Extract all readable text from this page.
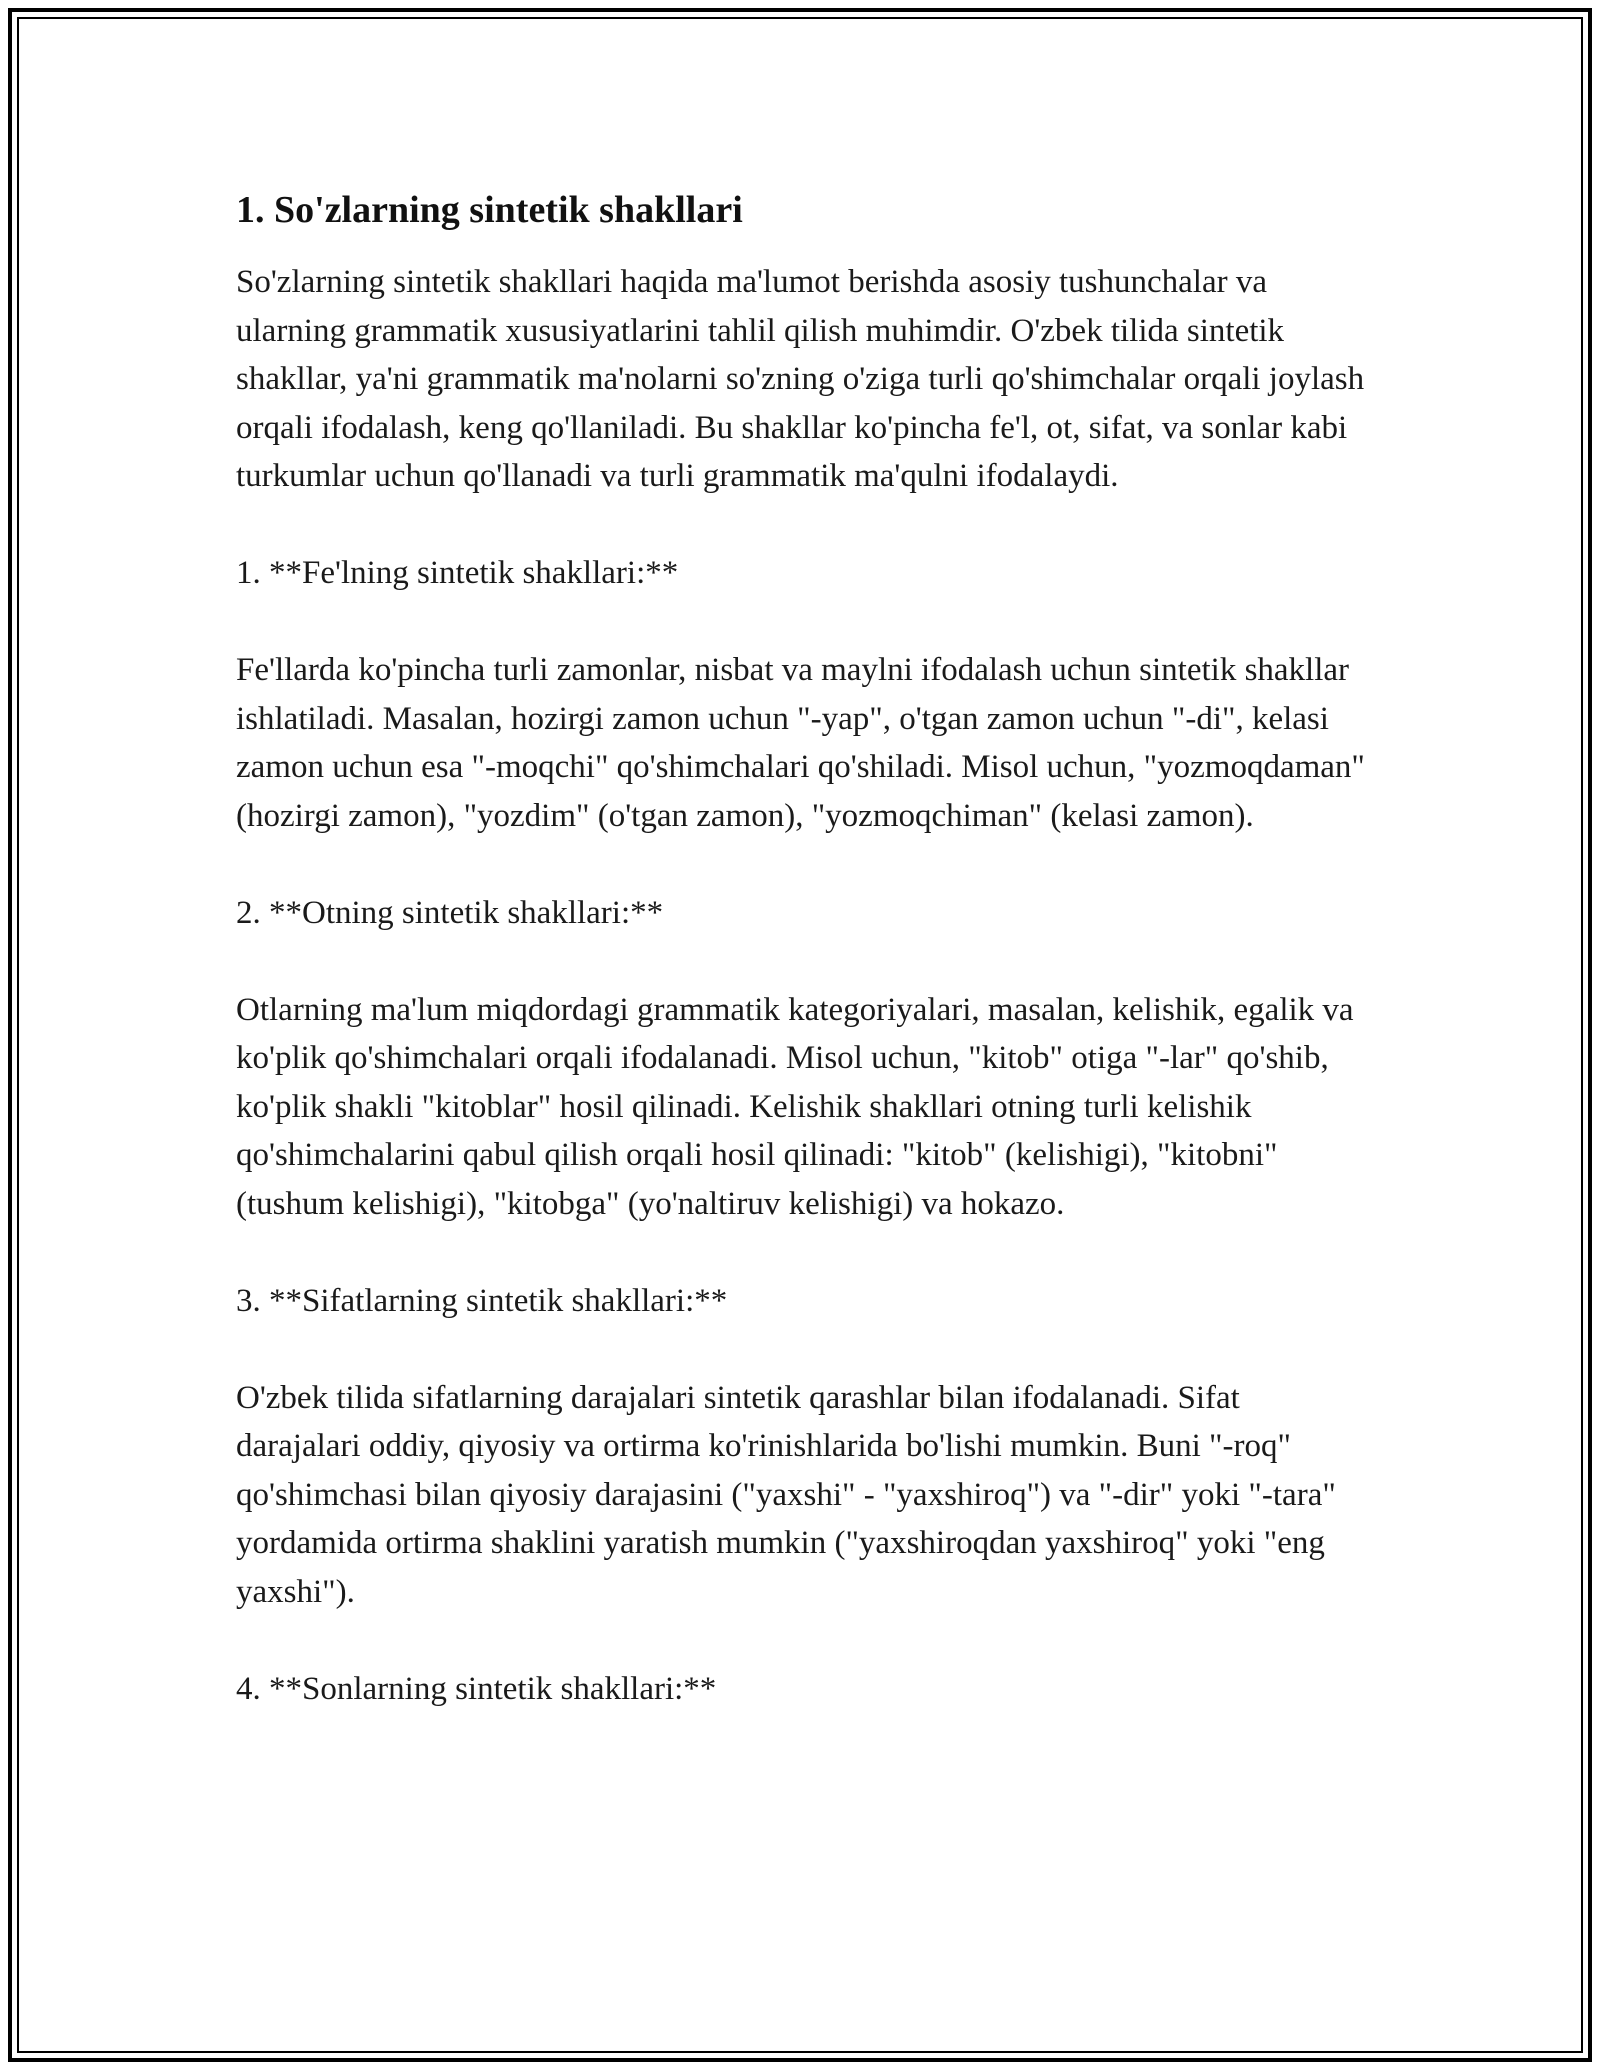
1. So'zlarning sintetik shakllari

So'zlarning sintetik shakllari haqida ma'lumot berishda asosiy tushunchalar va ularning grammatik xususiyatlarini tahlil qilish muhimdir. O'zbek tilida sintetik shakllar, ya'ni grammatik ma'nolarni so'zning o'ziga turli qo'shimchalar orqali joylash orqali ifodalash, keng qo'llaniladi. Bu shakllar ko'pincha fe'l, ot, sifat, va sonlar kabi turkumlar uchun qo'llanadi va turli grammatik ma'qulni ifodalaydi.

1. **Fe'lning sintetik shakllari:**

Fe'llarda ko'pincha turli zamonlar, nisbat va maylni ifodalash uchun sintetik shakllar ishlatiladi. Masalan, hozirgi zamon uchun "-yap", o'tgan zamon uchun "-di", kelasi zamon uchun esa "-moqchi" qo'shimchalari qo'shiladi. Misol uchun, "yozmoqdaman" (hozirgi zamon), "yozdim" (o'tgan zamon), "yozmoqchiman" (kelasi zamon).

2. **Otning sintetik shakllari:**

Otlarning ma'lum miqdordagi grammatik kategoriyalari, masalan, kelishik, egalik va ko'plik qo'shimchalari orqali ifodalanadi. Misol uchun, "kitob" otiga "-lar" qo'shib, ko'plik shakli "kitoblar" hosil qilinadi. Kelishik shakllari otning turli kelishik qo'shimchalarini qabul qilish orqali hosil qilinadi: "kitob" (kelishigi), "kitobni" (tushum kelishigi), "kitobga" (yo'naltiruv kelishigi) va hokazo.

3. **Sifatlarning sintetik shakllari:**

O'zbek tilida sifatlarning darajalari sintetik qarashlar bilan ifodalanadi. Sifat darajalari oddiy, qiyosiy va ortirma ko'rinishlarida bo'lishi mumkin. Buni "-roq" qo'shimchasi bilan qiyosiy darajasini ("yaxshi" - "yaxshiroq") va "-dir" yoki "-tara" yordamida ortirma shaklini yaratish mumkin ("yaxshiroqdan yaxshiroq" yoki "eng yaxshi").

4. **Sonlarning sintetik shakllari:**
